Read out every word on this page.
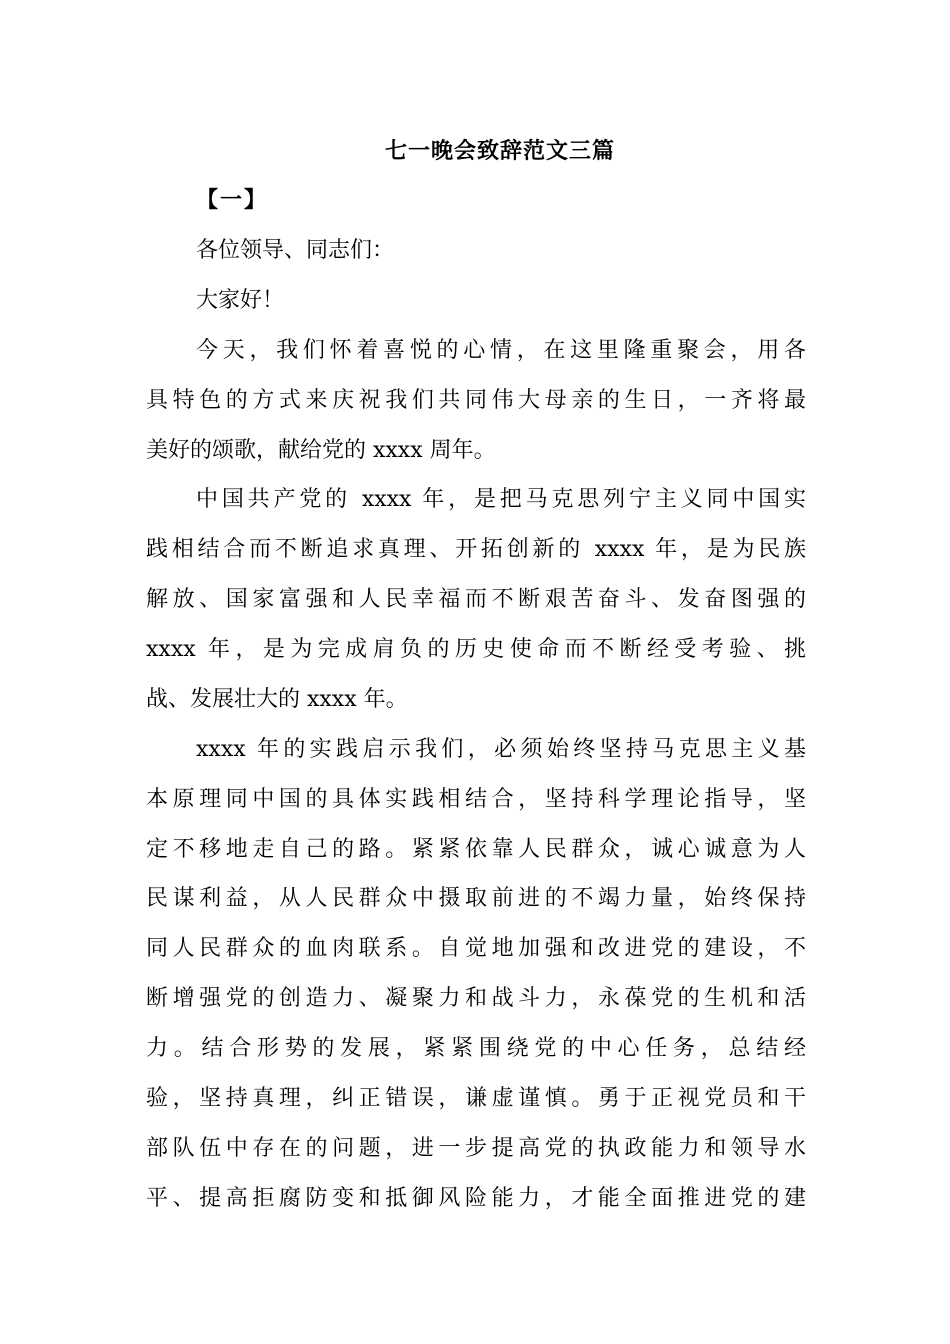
七一晚会致辞范文三篇
【一】
各位领导、同志们：
大家好！
今天，我们怀着喜悦的心情，在这里隆重聚会，用各
具特色的方式来庆祝我们共同伟大母亲的生日，一齐将最
美好的颂歌，献给党的 xxxx 周年。
中国共产党的 xxxx 年，是把马克思列宁主义同中国实
践相结合而不断追求真理、开拓创新的 xxxx 年，是为民族
解放、国家富强和人民幸福而不断艰苦奋斗、发奋图强的
xxxx 年，是为完成肩负的历史使命而不断经受考验、挑
战、发展壮大的 xxxx 年。
xxxx 年的实践启示我们，必须始终坚持马克思主义基
本原理同中国的具体实践相结合，坚持科学理论指导，坚
定不移地走自己的路。紧紧依靠人民群众，诚心诚意为人
民谋利益，从人民群众中摄取前进的不竭力量，始终保持
同人民群众的血肉联系。自觉地加强和改进党的建设，不
断增强党的创造力、凝聚力和战斗力，永葆党的生机和活
力。结合形势的发展，紧紧围绕党的中心任务，总结经
验，坚持真理，纠正错误，谦虚谨慎。勇于正视党员和干
部队伍中存在的问题，进一步提高党的执政能力和领导水
平、提高拒腐防变和抵御风险能力，才能全面推进党的建
